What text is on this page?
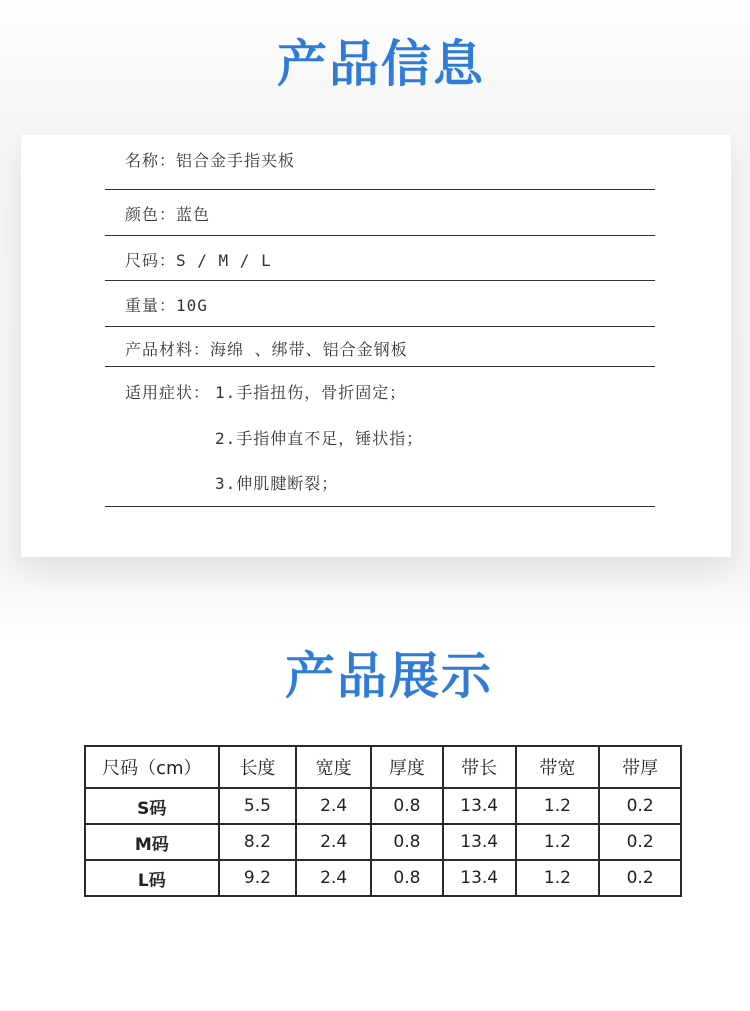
产品信息
名称：铝合金手指夹板
颜色：蓝色
尺码：S / M / L
重量：10G
产品材料：海绵 、绑带、铝合金钢板
适用症状： 1.手指扭伤，骨折固定；
2.手指伸直不足，锤状指；
3.伸肌腱断裂；
产品展示
尺码（cm）	长度	宽度	厚度	带长	带宽	带厚
S码	5.5	2.4	0.8	13.4	1.2	0.2
M码	8.2	2.4	0.8	13.4	1.2	0.2
L码	9.2	2.4	0.8	13.4	1.2	0.2
